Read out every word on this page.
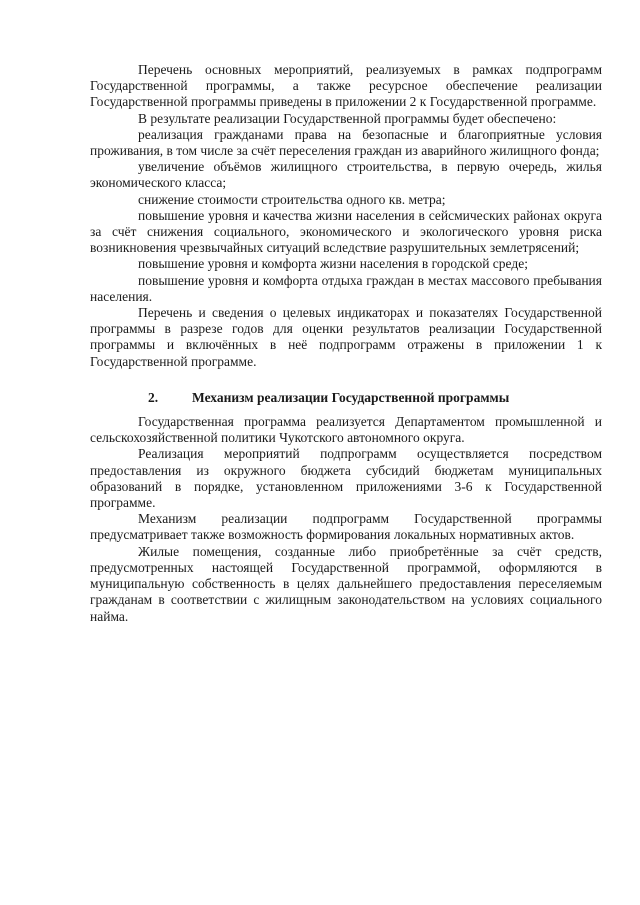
Перечень основных мероприятий, реализуемых в рамках подпрограмм Государственной программы, а также ресурсное обеспечение реализации Государственной программы приведены в приложении 2 к Государственной программе.

В результате реализации Государственной программы будет обеспечено:

реализация гражданами права на безопасные и благоприятные условия проживания, в том числе за счёт переселения граждан из аварийного жилищного фонда;

увеличение объёмов жилищного строительства, в первую очередь, жилья экономического класса;

снижение стоимости строительства одного кв. метра;

повышение уровня и качества жизни населения в сейсмических районах округа за счёт снижения социального, экономического и экологического уровня риска возникновения чрезвычайных ситуаций вследствие разрушительных землетрясений;

повышение уровня и комфорта жизни населения в городской среде;

повышение уровня и комфорта отдыха граждан в местах массового пребывания населения.

Перечень и сведения о целевых индикаторах и показателях Государственной программы в разрезе годов для оценки результатов реализации Государственной программы и включённых в неё подпрограмм отражены в приложении 1 к Государственной программе.

2.	Механизм реализации Государственной программы

Государственная программа реализуется Департаментом промышленной и сельскохозяйственной политики Чукотского автономного округа.

Реализация мероприятий подпрограмм осуществляется посредством предоставления из окружного бюджета субсидий бюджетам муниципальных образований в порядке, установленном приложениями 3-6 к Государственной программе.

Механизм реализации подпрограмм Государственной программы предусматривает также возможность формирования локальных нормативных актов.

Жилые помещения, созданные либо приобретённые за счёт средств, предусмотренных настоящей Государственной программой, оформляются в муниципальную собственность в целях дальнейшего предоставления переселяемым гражданам в соответствии с жилищным законодательством на условиях социального найма.
